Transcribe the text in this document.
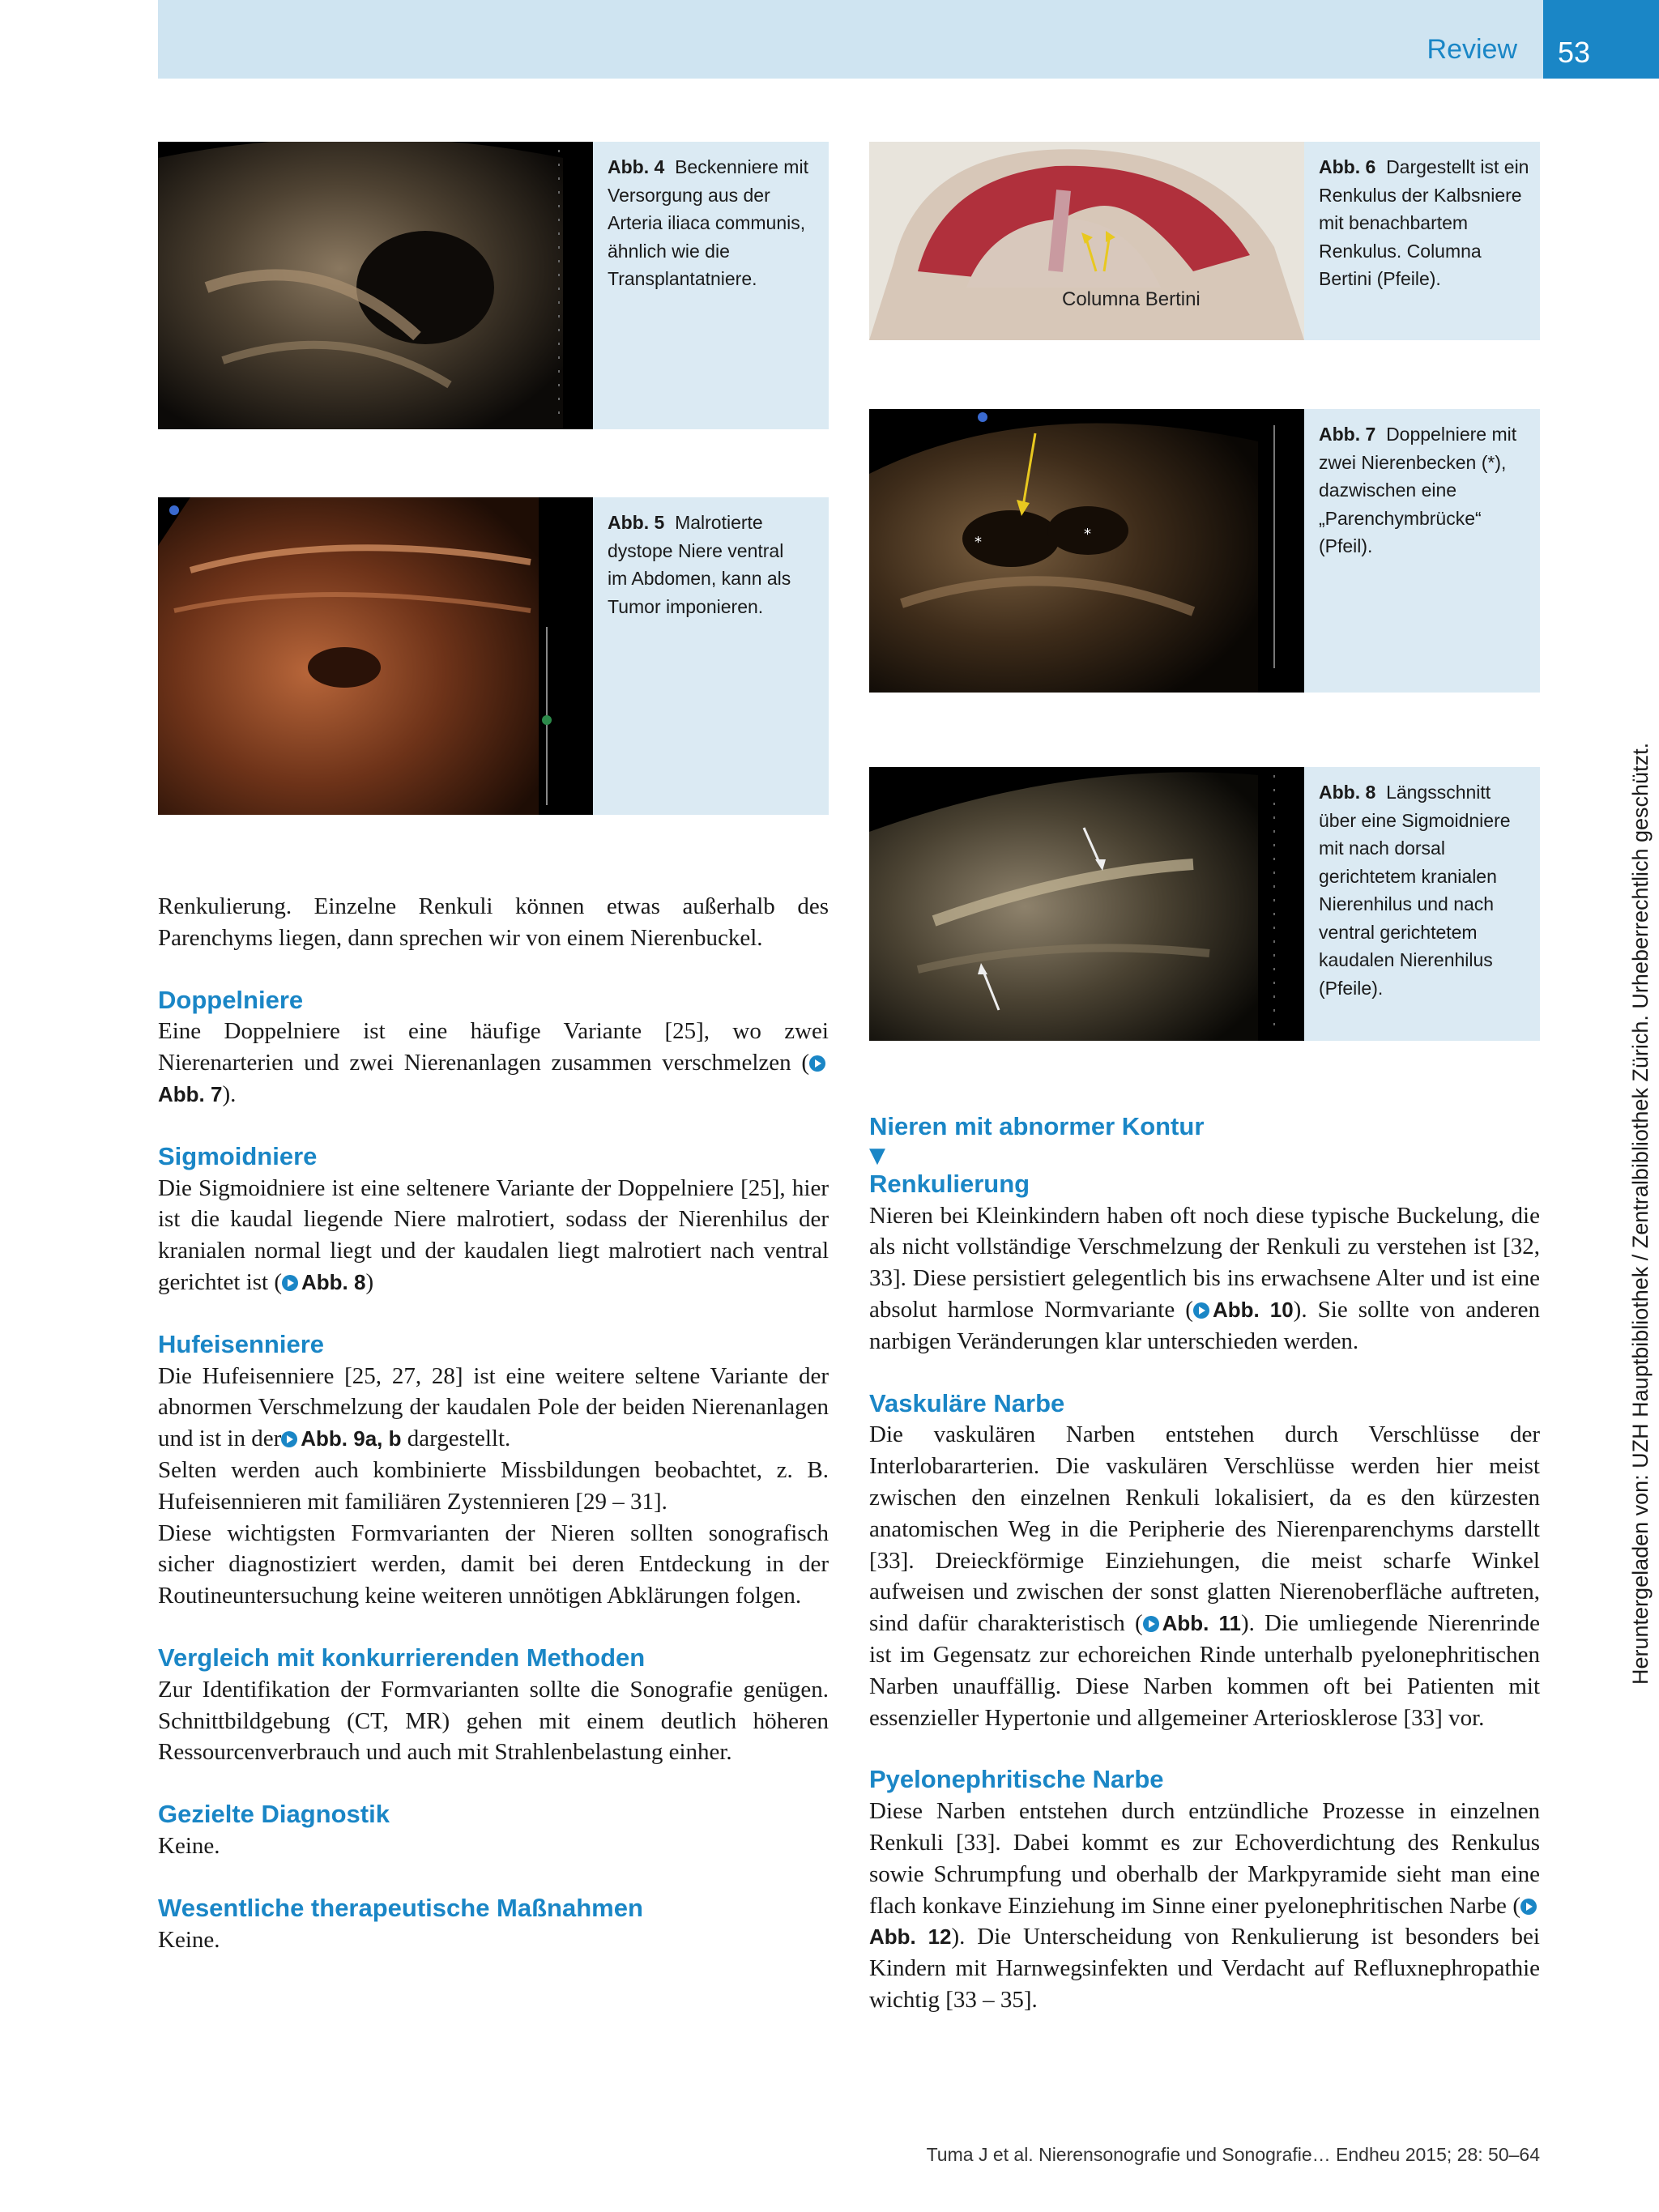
Review	53
Abb. 4 Beckenniere mit Versorgung aus der Arteria iliaca communis, ähnlich wie die Transplantatniere.
Abb. 5 Malrotierte dystope Niere ventral im Abdomen, kann als Tumor imponieren.
Columna Bertini
Abb. 6 Dargestellt ist ein Renkulus der Kalbsniere mit benachbartem Renkulus. Columna Bertini (Pfeile).
*	*
Abb. 7 Doppelniere mit zwei Nierenbecken (*), dazwischen eine „Parenchymbrücke“ (Pfeil).
Abb. 8 Längsschnitt über eine Sigmoidniere mit nach dorsal gerichtetem kranialen Nierenhilus und nach ventral gerichtetem kaudalen Nierenhilus (Pfeile).

Renkulierung. Einzelne Renkuli können etwas außerhalb des Parenchyms liegen, dann sprechen wir von einem Nierenbuckel.

Doppelniere

Eine Doppelniere ist eine häufige Variante [25], wo zwei Nierenarterien und zwei Nierenanlagen zusammen verschmelzen (Abb. 7).

Sigmoidniere

Die Sigmoidniere ist eine seltenere Variante der Doppelniere [25], hier ist die kaudal liegende Niere malrotiert, sodass der Nierenhilus der kranialen normal liegt und der kaudalen liegt malrotiert nach ventral gerichtet ist ( Abb. 8)

Hufeisenniere

Die Hufeisenniere [25, 27, 28] ist eine weitere seltene Variante der abnormen Verschmelzung der kaudalen Pole der beiden Nierenanlagen und ist in der Abb. 9a, b dargestellt.

Selten werden auch kombinierte Missbildungen beobachtet, z. B. Hufeisennieren mit familiären Zystennieren [29 – 31].

Diese wichtigsten Formvarianten der Nieren sollten sonografisch sicher diagnostiziert werden, damit bei deren Entdeckung in der Routineuntersuchung keine weiteren unnötigen Abklärungen folgen.

Vergleich mit konkurrierenden Methoden

Zur Identifikation der Formvarianten sollte die Sonografie genügen. Schnittbildgebung (CT, MR) gehen mit einem deutlich höheren Ressourcenverbrauch und auch mit Strahlenbelastung einher.

Gezielte Diagnostik

Keine.

Wesentliche therapeutische Maßnahmen

Keine.

Nieren mit abnormer Kontur

▼

Renkulierung

Nieren bei Kleinkindern haben oft noch diese typische Buckelung, die als nicht vollständige Verschmelzung der Renkuli zu verstehen ist [32, 33]. Diese persistiert gelegentlich bis ins erwachsene Alter und ist eine absolut harmlose Normvariante ( Abb. 10). Sie sollte von anderen narbigen Veränderungen klar unterschieden werden.

Vaskuläre Narbe

Die vaskulären Narben entstehen durch Verschlüsse der Interlobararterien. Die vaskulären Verschlüsse werden hier meist zwischen den einzelnen Renkuli lokalisiert, da es den kürzesten anatomischen Weg in die Peripherie des Nierenparenchyms darstellt [33]. Dreieckförmige Einziehungen, die meist scharfe Winkel aufweisen und zwischen der sonst glatten Nierenoberfläche auftreten, sind dafür charakteristisch ( Abb. 11). Die umliegende Nierenrinde ist im Gegensatz zur echoreichen Rinde unterhalb pyelonephritischen Narben unauffällig. Diese Narben kommen oft bei Patienten mit essenzieller Hypertonie und allgemeiner Arteriosklerose [33] vor.

Pyelonephritische Narbe

Diese Narben entstehen durch entzündliche Prozesse in einzelnen Renkuli [33]. Dabei kommt es zur Echoverdichtung des Renkulus sowie Schrumpfung und oberhalb der Markpyramide sieht man eine flach konkave Einziehung im Sinne einer pyelonephritischen Narbe (Abb. 12). Die Unterscheidung von Renkulierung ist besonders bei Kindern mit Harnwegsinfekten und Verdacht auf Refluxnephropathie wichtig [33 – 35].

Heruntergeladen von: UZH Hauptbibliothek / Zentralbibliothek Zürich. Urheberrechtlich geschützt.
Tuma J et al. Nierensonografie und Sonografie… Endheu 2015; 28: 50–64
